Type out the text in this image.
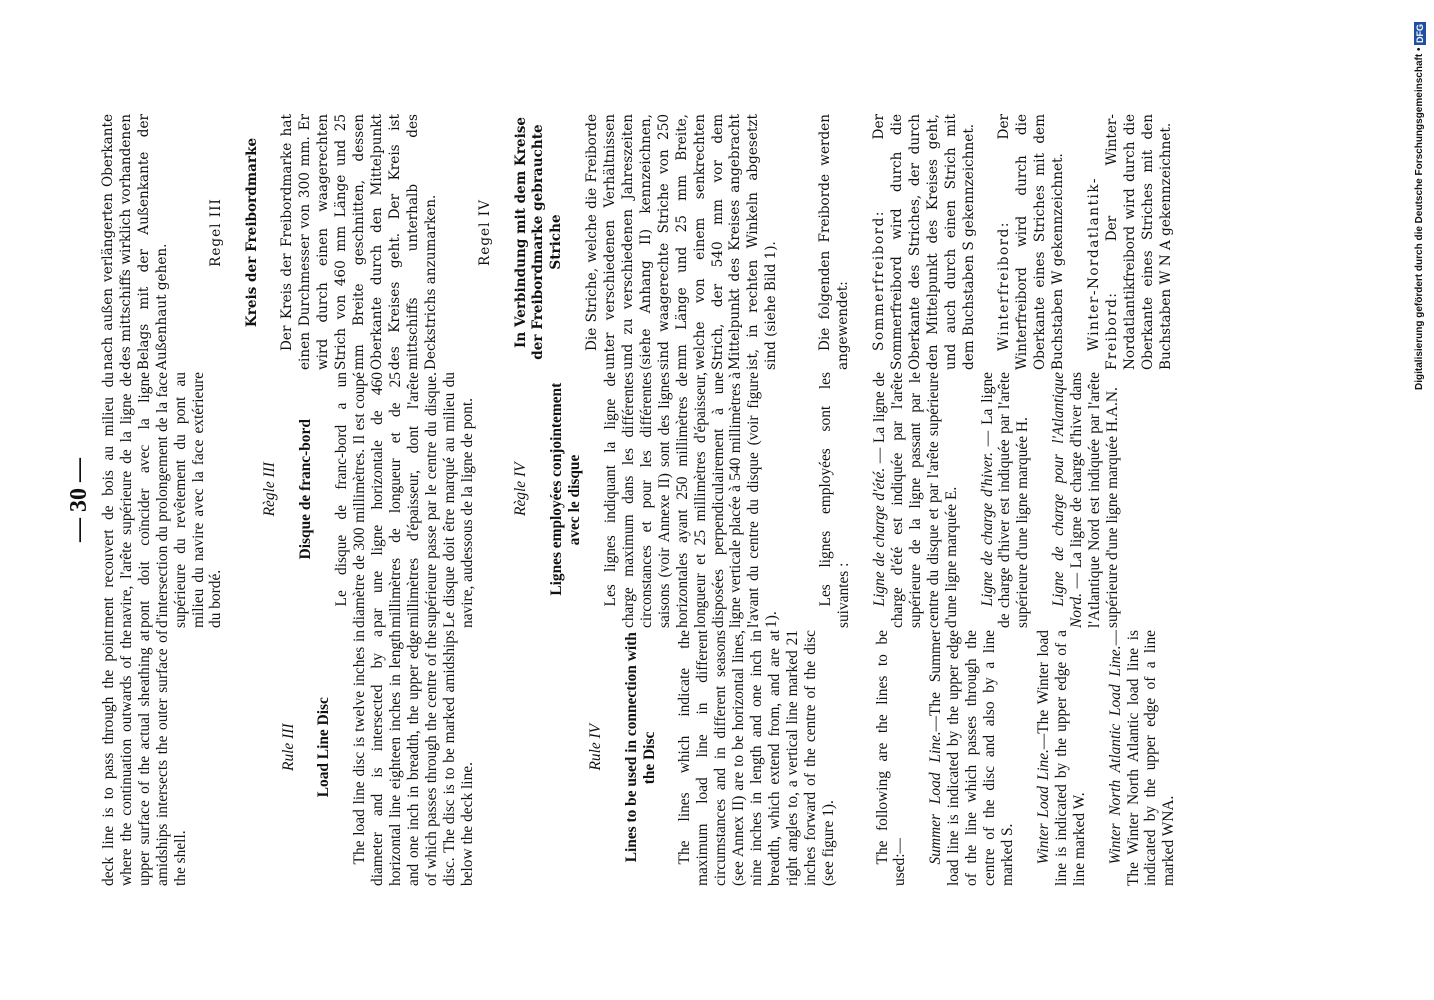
— 30 —

deck line is to pass through the point where the continuation outwards of the upper surface of the actual sheathing at amidships intersects the outer surface of the shell.

Rule III Load Line Disc The load line disc is twelve inches in diameter and is intersected by a horizontal line eighteen inches in length and one inch in breadth, the upper edge of which passes through the centre of the disc. The disc is to be marked amidships below the deck line.

Rule IV Lines to be used in connection with the Disc The lines which indicate the maximum load line in different circumstances and in different seasons (see Annex II) are to be horizontal lines, nine inches in length and one inch in breadth, which extend from, and are at right angles to, a vertical line marked 21 inches forward of the centre of the disc (see figure 1). The following are the lines to be used:— Summer Load Line.—The Summer load line is indicated by the upper edge of the line which passes through the centre of the disc and also by a line marked S. Winter Load Line.—The Winter load line is indicated by the upper edge of a line marked W. Winter North Atlantic Load Line.—The Winter North Atlantic load line is indicated by the upper edge of a line marked WNA.

ment recouvert de bois au milieu du navire, l'arête supérieure de la ligne de pont doit coïncider avec la ligne d'intersection du prolongement de la face supérieure du revêtement du pont au milieu du navire avec la face extérieure du bordé.

Règle III Disque de franc-bord Le disque de franc-bord a un diamètre de 300 millimètres. Il est coupé par une ligne horizontale de 460 millimètres de longueur et de 25 millimètres d'épaisseur, dont l'arête supérieure passe par le centre du disque. Le disque doit être marqué au milieu du navire, audessous de la ligne de pont. Règle IV Lignes employées conjointement avec le disque Les lignes indiquant la ligne de charge maximum dans les différentes circonstances et pour les différentes saisons (voir Annexe II) sont des lignes horizontales ayant 250 millimètres de longueur et 25 millimètres d'épaisseur, disposées perpendiculairement à une ligne verticale placée à 540 millimètres à l'avant du centre du disque (voir figure 1).

Les lignes employées sont les suivantes : Ligne de charge d'été. — La ligne de charge d'été est indiquée par l'arête supérieure de la ligne passant par le centre du disque et par l'arête supérieure d'une ligne marquée E. Ligne de charge d'hiver. — La ligne de charge d'hiver est indiquée par l'arête supérieure d'une ligne marquée H. Ligne de charge pour l'Atlantique Nord. — La ligne de charge d'hiver dans l'Atlantique Nord est indiquée par l'arête supérieure d'une ligne marquée H.A.N.

nach außen verlängerten Oberkante des mittschiffs wirklich vorhandenen Belags mit der Außenkante der Außenhaut gehen.

Regel III Kreis der Freibordmarke Der Kreis der Freibordmarke hat einen Durchmesser von 300 mm. Er wird durch einen waagerechten Strich von 460 mm Länge und 25 mm Breite geschnitten, dessen Oberkante durch den Mittelpunkt des Kreises geht. Der Kreis ist mittschiffs unterhalb des Deckstrichs anzumarken.	Regel IV In Verbindung mit dem Kreise der Freibordmarke gebrauchte Striche Die Striche, welche die Freiborde unter verschiedenen Verhältnissen und zu verschiedenen Jahreszeiten (siehe Anhang II) kennzeichnen, sind waagerechte Striche von 250 mm Länge und 25 mm Breite, welche von einem senkrechten Strich, der 540 mm vor dem Mittelpunkt des Kreises angebracht ist, in rechten Winkeln abgesetzt sind (siehe Bild 1).	Die folgenden Freiborde werden angewendet: Sommerfreibord: Der Sommerfreibord wird durch die Oberkante des Striches, der durch den Mittelpunkt des Kreises geht, und auch durch einen Strich mit dem Buchstaben S gekennzeichnet. Winterfreibord: Der Winterfreibord wird durch die Oberkante eines Striches mit dem Buchstaben W gekennzeichnet. Winter-Nordatlantik-Freibord: Der Winter-Nordatlantikfreibord wird durch die Oberkante eines Striches mit den Buchstaben W N A gekennzeichnet.	Digitalisierung gefördert durch die Deutsche Forschungsgemeinschaft • DFG
